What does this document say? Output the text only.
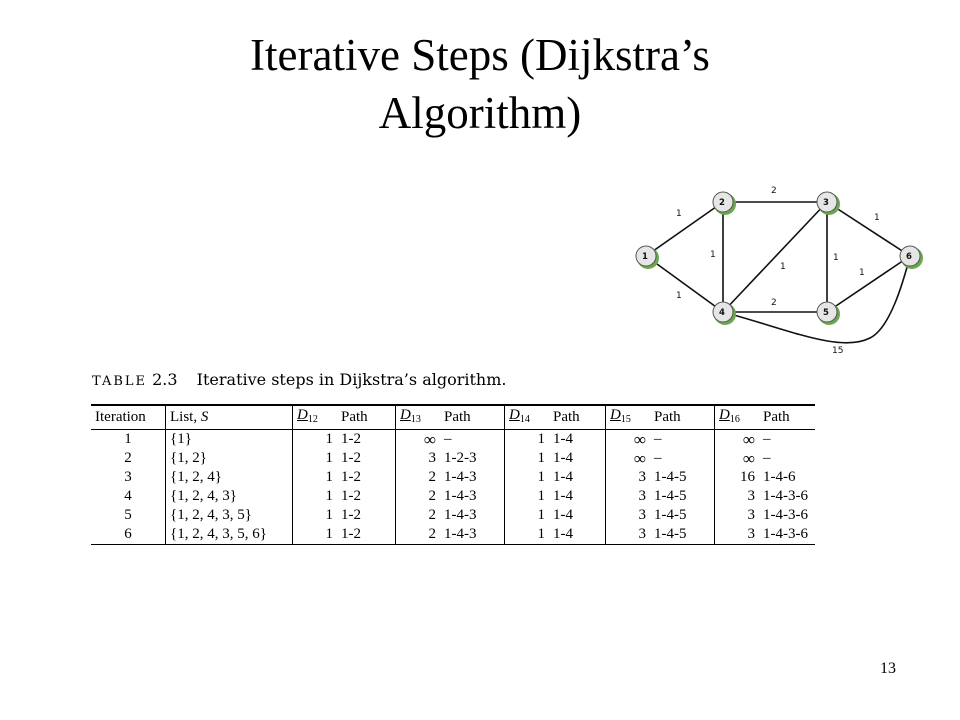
Iterative Steps (Dijkstra’s
Algorithm)
1
1
2
1
1
1
1
2
1
15
1
2	3
4	5
6
TABLE 2.3 Iterative steps in Dijkstra’s algorithm.
Iteration	List, S	$D_{12}$	Path	$D_{13}$	Path	$D_{14}$	Path	$D_{15}$	Path	$D_{16}$	Path
1	{1}	1	1-2	∞	–	1	1-4	∞	–	∞	–
2	{1, 2}	1	1-2	3	1-2-3	1	1-4	∞	–	∞	–
3	{1, 2, 4}	1	1-2	2	1-4-3	1	1-4	3	1-4-5	16	1-4-6
4	{1, 2, 4, 3}	1	1-2	2	1-4-3	1	1-4	3	1-4-5	3	1-4-3-6
5	{1, 2, 4, 3, 5}	1	1-2	2	1-4-3	1	1-4	3	1-4-5	3	1-4-3-6
6	{1, 2, 4, 3, 5, 6}	1	1-2	2	1-4-3	1	1-4	3	1-4-5	3	1-4-3-6
13
